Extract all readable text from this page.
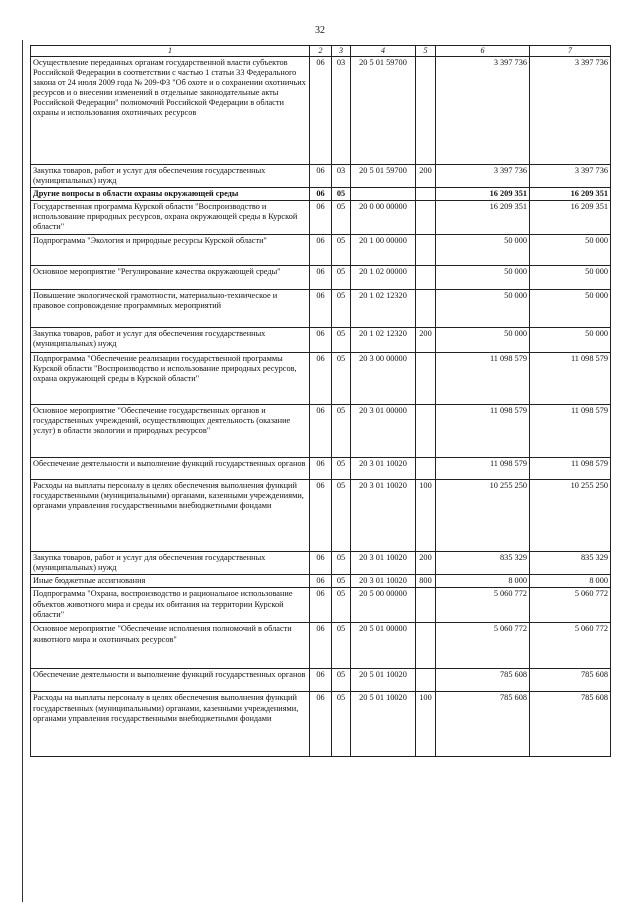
32
1	2	3	4	5	6	7
Осуществление переданных органам государственной власти субъектов Российской Федерации в соответствии с частью 1 статьи 33 Федерального закона от 24 июля 2009 года № 209-ФЗ "Об охоте и о сохранении охотничьих ресурсов и о внесении изменений в отдельные законодательные акты Российской Федерации" полномочий Российской Федерации в области охраны и использования охотничьих ресурсов	06	03	20 5 01 59700		3 397 736	3 397 736
Закупка товаров, работ и услуг для обеспечения государственных (муниципальных) нужд	06	03	20 5 01 59700	200	3 397 736	3 397 736
Другие вопросы в области охраны окружающей среды	06	05			16 209 351	16 209 351
Государственная программа Курской области "Воспроизводство и использование природных ресурсов, охрана окружающей среды в Курской области"	06	05	20 0 00 00000		16 209 351	16 209 351
Подпрограмма "Экология и природные ресурсы Курской области"	06	05	20 1 00 00000		50 000	50 000
Основное мероприятие "Регулирование качества окружающей среды"	06	05	20 1 02 00000		50 000	50 000
Повышение экологической грамотности, материально-техническое и правовое сопровождение программных мероприятий	06	05	20 1 02 12320		50 000	50 000
Закупка товаров, работ и услуг для обеспечения государственных (муниципальных) нужд	06	05	20 1 02 12320	200	50 000	50 000
Подпрограмма "Обеспечение реализации государственной программы Курской области "Воспроизводство и использование природных ресурсов, охрана окружающей среды в Курской области"	06	05	20 3 00 00000		11 098 579	11 098 579
Основное мероприятие "Обеспечение государственных органов и государственных учреждений, осуществляющих деятельность (оказание услуг) в области экологии и природных ресурсов"	06	05	20 3 01 00000		11 098 579	11 098 579
Обеспечение деятельности и выполнение функций государственных органов	06	05	20 3 01 10020		11 098 579	11 098 579
Расходы на выплаты персоналу в целях обеспечения выполнения функций государственными (муниципальными) органами, казенными учреждениями, органами управления государственными внебюджетными фондами	06	05	20 3 01 10020	100	10 255 250	10 255 250
Закупка товаров, работ и услуг для обеспечения государственных (муниципальных) нужд	06	05	20 3 01 10020	200	835 329	835 329
Иные бюджетные ассигнования	06	05	20 3 01 10020	800	8 000	8 000
Подпрограмма "Охрана, воспроизводство и рациональное использование объектов животного мира и среды их обитания на территории Курской области"	06	05	20 5 00 00000		5 060 772	5 060 772
Основное мероприятие "Обеспечение исполнения полномочий в области животного мира и охотничьих ресурсов"	06	05	20 5 01 00000		5 060 772	5 060 772
Обеспечение деятельности и выполнение функций государственных органов	06	05	20 5 01 10020		785 608	785 608
Расходы на выплаты персоналу в целях обеспечения выполнения функций государственных (муниципальными) органами, казенными учреждениями, органами управления государственными внебюджетными фондами	06	05	20 5 01 10020	100	785 608	785 608
